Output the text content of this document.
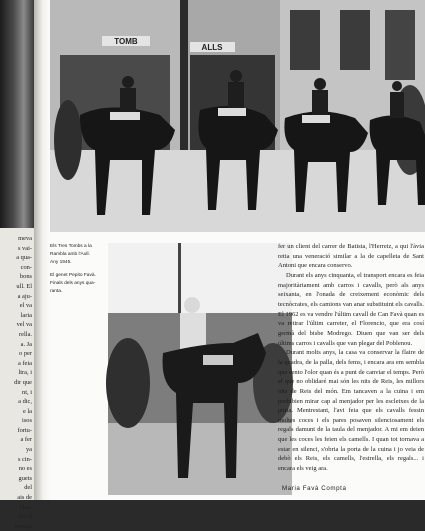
meva
s vai-
a qua-
con-
bons
ull. El
a aju-
el va
laria
vel va
rella.
a. Ja
o per
a feia
ltra, i
dir que
nt, i
a dic,
e la
isos
fortu-
a fer
ya
s cin-
no es
guets
del
ais de
clau.
ria el
remeja
TOMB
ALLS
Els Tres Tombs a la
Rambla amb l'Aull.
Any 1945.
El genet Pepito Favà.
Finals dels anys qua-
ranta.

fer un client del carrer de Batista, l'Herreiz, a qui l'àvia retia una veneració similar a la de capelleta de Sant Antoni que encara conservo.

Durant els anys cinquanta, el transport encara es feia majoritàriament amb carros i cavalls, però als anys seixanta, en l'onada de creixement econòmic dels tecnòcrates, els camions van anar substituint els cavalls. El 1962 es va vendre l'últim cavall de Can Favà quan es va retirar l'últim carreter, el Florencio, que era cosí germà del bisbe Modrego. Diuen que van ser dels últims carros i cavalls que van plegar del Poblenou.

Durant molts anys, la casa va conservar la flaire de la quadra, de la palla, dels fems, i encara ara em sembla que sento l'olor quan és a punt de canviar el temps. Però el que no oblidaré mai són les nits de Reis, les millors nits de Reis del món. Em tancaven a la cuina i em prohibien mirar cap al menjador per les escletxes de la porta. Mentrestant, l'avi feia que els cavalls fessin moltes coces i els pares posaven silenciosament els regals damunt de la taula del menjador. A mi em deien que les coces les feien els camells. I quan tot tornava a estar en silenci, s'obria la porta de la cuina i jo veia de debò els Reis, els camells, l'estrella, els regals... i encara els veig ara.

Maria Favà Compta
